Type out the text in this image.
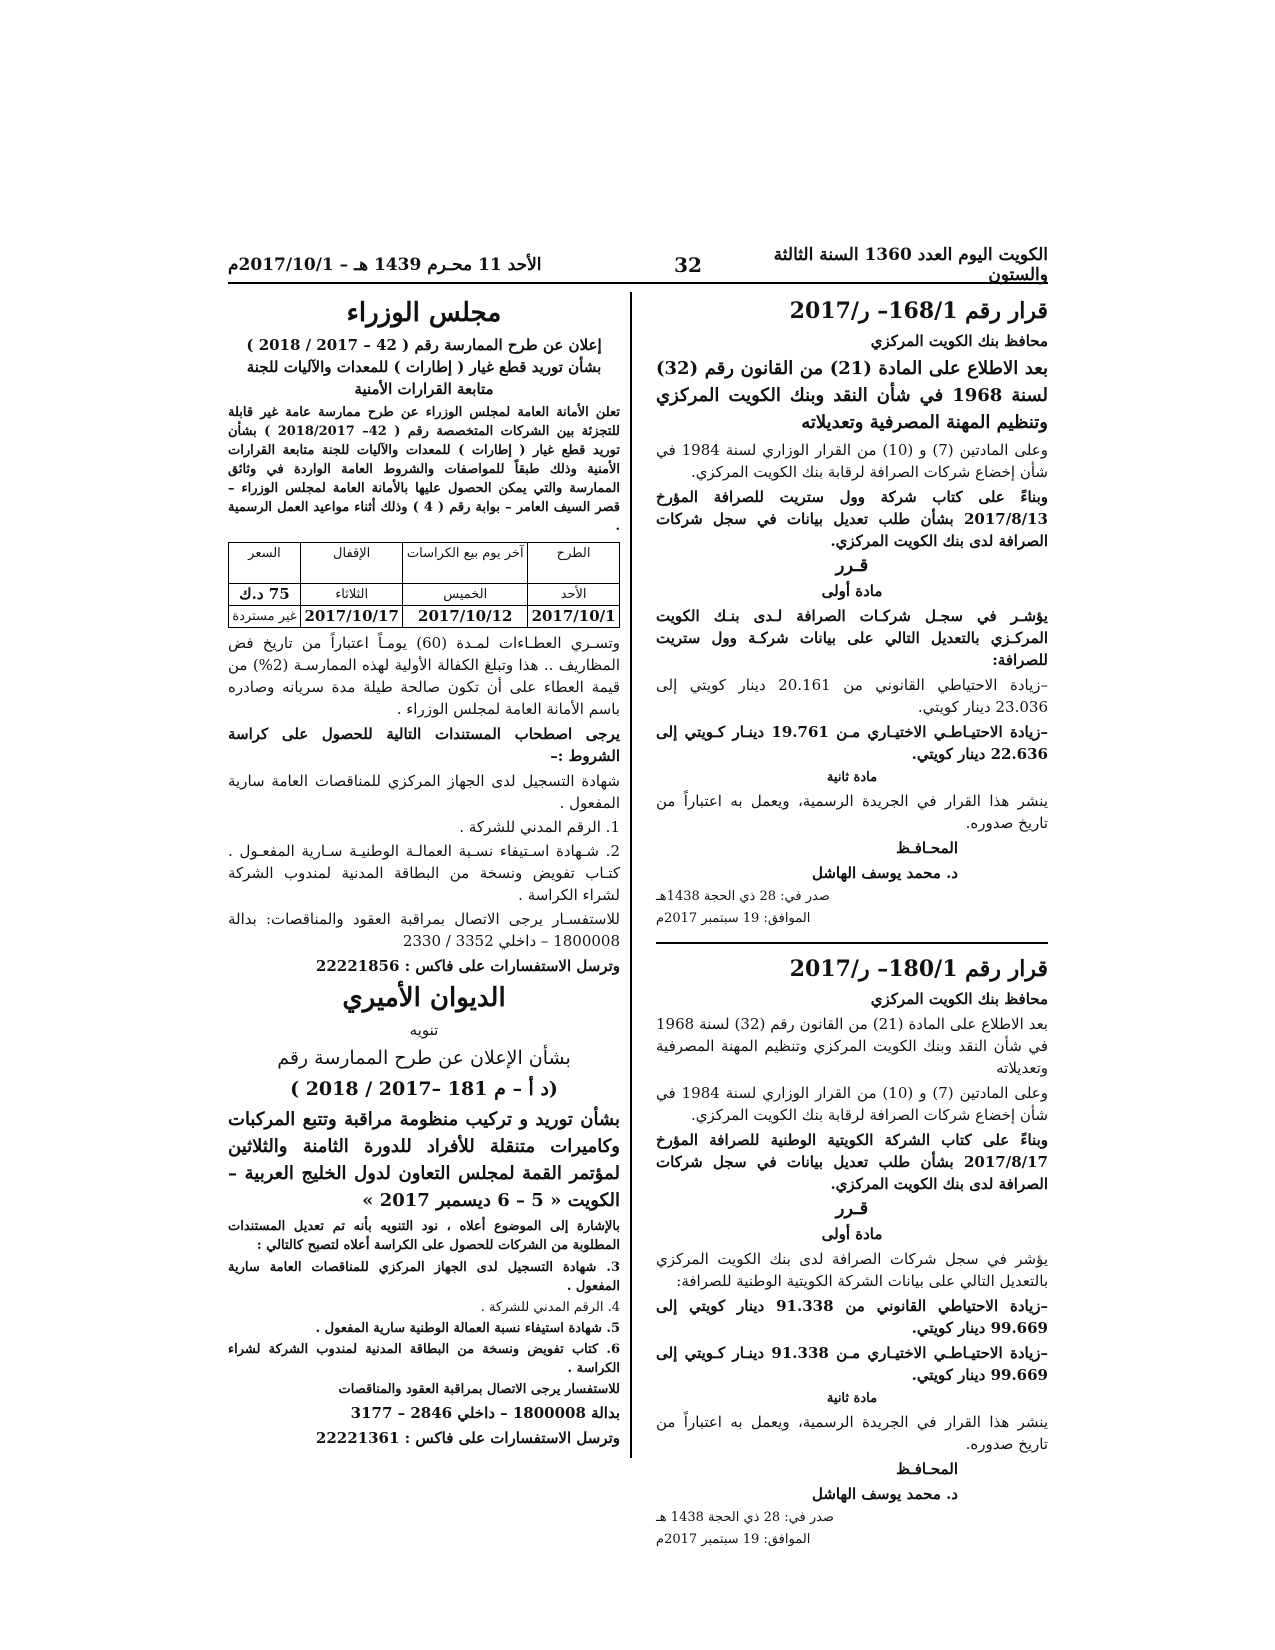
الكويت اليوم العدد 1360 السنة الثالثة والستون
32
الأحد 11 محـرم 1439 هـ – 2017/10/1م
قرار رقم 168/1– ر/2017

محافظ بنك الكويت المركزي

بعد الاطلاع على المادة (21) من القانون رقم (32) لسنة 1968 في شأن النقد وبنك الكويت المركزي وتنظيم المهنة المصرفية وتعديلاته

وعلى المادتين (7) و (10) من القرار الوزاري لسنة 1984 في شأن إخضاع شركات الصرافة لرقابة بنك الكويت المركزي.

وبناءً على كتاب شركة وول ستريت للصرافة المؤرخ 2017/8/13 بشأن طلب تعديل بيانات في سجل شركات الصرافة لدى بنك الكويت المركزي.

قـرر

مادة أولى

يؤشـر في سجـل شركـات الصرافة لـدى بنـك الكويت المركـزي بالتعديل التالي على بيانات شركـة وول ستريت للصرافة:

–زيادة الاحتياطي القانوني من 20.161 دينار كويتي إلى 23.036 دينار كويتي.

–زيادة الاحتيـاطـي الاختيـاري مـن 19.761 دينـار كـويتي إلى 22.636 دينار كويتي.

مادة ثانية

ينشر هذا القرار في الجريدة الرسمية، ويعمل به اعتباراً من تاريخ صدوره.

المحـافـظ

د. محمد يوسف الهاشل

صدر في: 28 ذي الحجة 1438هـ

الموافق: 19 سبتمبر 2017م

قرار رقم 180/1– ر/2017

محافظ بنك الكويت المركزي

بعد الاطلاع على المادة (21) من القانون رقم (32) لسنة 1968 في شأن النقد وبنك الكويت المركزي وتنظيم المهنة المصرفية وتعديلاته

وعلى المادتين (7) و (10) من القرار الوزاري لسنة 1984 في شأن إخضاع شركات الصرافة لرقابة بنك الكويت المركزي.

وبناءً على كتاب الشركة الكويتية الوطنية للصرافة المؤرخ 2017/8/17 بشأن طلب تعديل بيانات في سجل شركات الصرافة لدى بنك الكويت المركزي.

قـرر

مادة أولى

يؤشر في سجل شركات الصرافة لدى بنك الكويت المركزي بالتعديل التالي على بيانات الشركة الكويتية الوطنية للصرافة:

–زيادة الاحتياطي القانوني من 91.338 دينار كويتي إلى 99.669 دينار كويتي.

–زيادة الاحتيـاطـي الاختيـاري مـن 91.338 دينـار كـويتي إلى 99.669 دينار كويتي.

مادة ثانية

ينشر هذا القرار في الجريدة الرسمية، ويعمل به اعتباراً من تاريخ صدوره.

المحـافـظ

د. محمد يوسف الهاشل

صدر في: 28 ذي الحجة 1438 هـ

الموافق: 19 سبتمبر 2017م

مجلس الوزراء

إعلان عن طرح الممارسة رقم ( 42 – 2017 / 2018 ) بشأن توريد قطع غيار ( إطارات ) للمعدات والآليات للجنة متابعة القرارات الأمنية

تعلن الأمانة العامة لمجلس الوزراء عن طرح ممارسة عامة غير قابلة للتجزئة بين الشركات المتخصصة رقم ( 42– 2018/2017 ) بشأن توريد قطع غيار ( إطارات ) للمعدات والآليات للجنة متابعة القرارات الأمنية وذلك طبقاً للمواصفات والشروط العامة الواردة في وثائق الممارسة والتي يمكن الحصول عليها بالأمانة العامة لمجلس الوزراء – قصر السيف العامر – بوابة رقم ( 4 ) وذلك أثناء مواعيد العمل الرسمية .

الطرح	آخر يوم بيع الكراسات	الإقفال	السعر
الأحد	الخميس	الثلاثاء	75 د.ك
2017/10/1	2017/10/12	2017/10/17	غير مستردة

وتسـري العطـاءات لمـدة (60) يومـاً اعتباراً من تاريخ فض المظاريف .. هذا وتبلغ الكفالة الأولية لهذه الممارسـة (2%) من قيمة العطاء على أن تكون صالحة طيلة مدة سريانه وصادره باسم الأمانة العامة لمجلس الوزراء .

يرجى اصطحاب المستندات التالية للحصول على كراسة الشروط :–

شهادة التسجيل لدى الجهاز المركزي للمناقصات العامة سارية المفعول .

1. الرقم المدني للشركة .

2. شـهادة اسـتيفاء نسـبة العمالـة الوطنيـة سـارية المفعـول . كتـاب تفويض ونسخة من البطاقة المدنية لمندوب الشركة لشراء الكراسة .

للاستفسـار يرجى الاتصال بمراقبة العقود والمناقصات: بدالة 1800008 – داخلي 3352 / 2330

وترسل الاستفسارات على فاكس : 22221856

الديوان الأميري

تنويه

بشأن الإعلان عن طرح الممارسة رقم

(د أ – م 181 –2017 / 2018 )

بشأن توريد و تركيب منظومة مراقبة وتتبع المركبات وكاميرات متنقلة للأفراد للدورة الثامنة والثلاثين لمؤتمر القمة لمجلس التعاون لدول الخليج العربية – الكويت « 5 – 6 ديسمبر 2017 »

بالإشارة إلى الموضوع أعلاه ، نود التنويه بأنه تم تعديل المستندات المطلوبة من الشركات للحصول على الكراسة أعلاه لتصبح كالتالي :

3. شهادة التسجيل لدى الجهاز المركزي للمناقصات العامة سارية المفعول .

4. الرقم المدني للشركة .

5. شهادة استيفاء نسبة العمالة الوطنية سارية المفعول .

6. كتاب تفويض ونسخة من البطاقة المدنية لمندوب الشركة لشراء الكراسة .

للاستفسار يرجى الاتصال بمراقبة العقود والمناقصات

بدالة 1800008 – داخلي 2846 – 3177

وترسل الاستفسارات على فاكس : 22221361
